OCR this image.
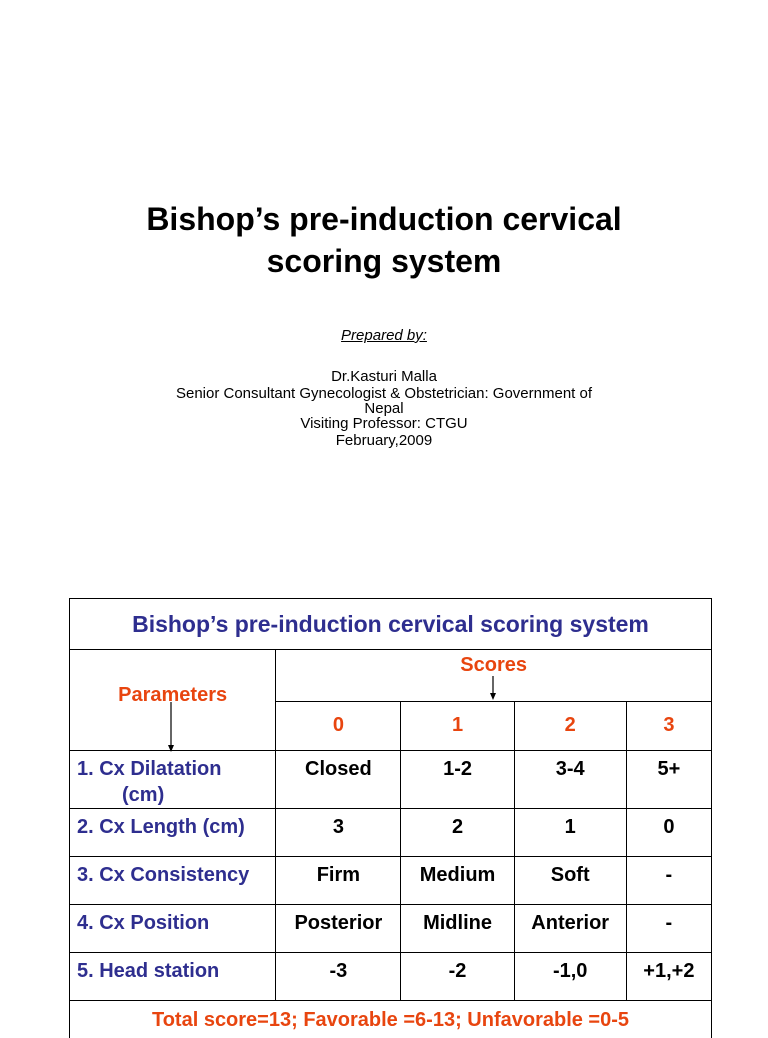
Bishop’s pre-induction cervical
scoring system
Prepared by:
Dr.Kasturi Malla
Senior Consultant Gynecologist & Obstetrician: Government of
Nepal
Visiting Professor: CTGU
February,2009
Bishop’s pre-induction cervical scoring system				

Parameters	Scores			

	0	1	2	3
1. Cx Dilatation
(cm)	Closed	1-2	3-4	5+
2. Cx Length (cm)	3	2	1	0
3. Cx Consistency	Firm	Medium	Soft	-
4. Cx Position	Posterior	Midline	Anterior	-
5. Head station	-3	-2	-1,0	+1,+2
Total score=13; Favorable =6-13; Unfavorable =0-5				
